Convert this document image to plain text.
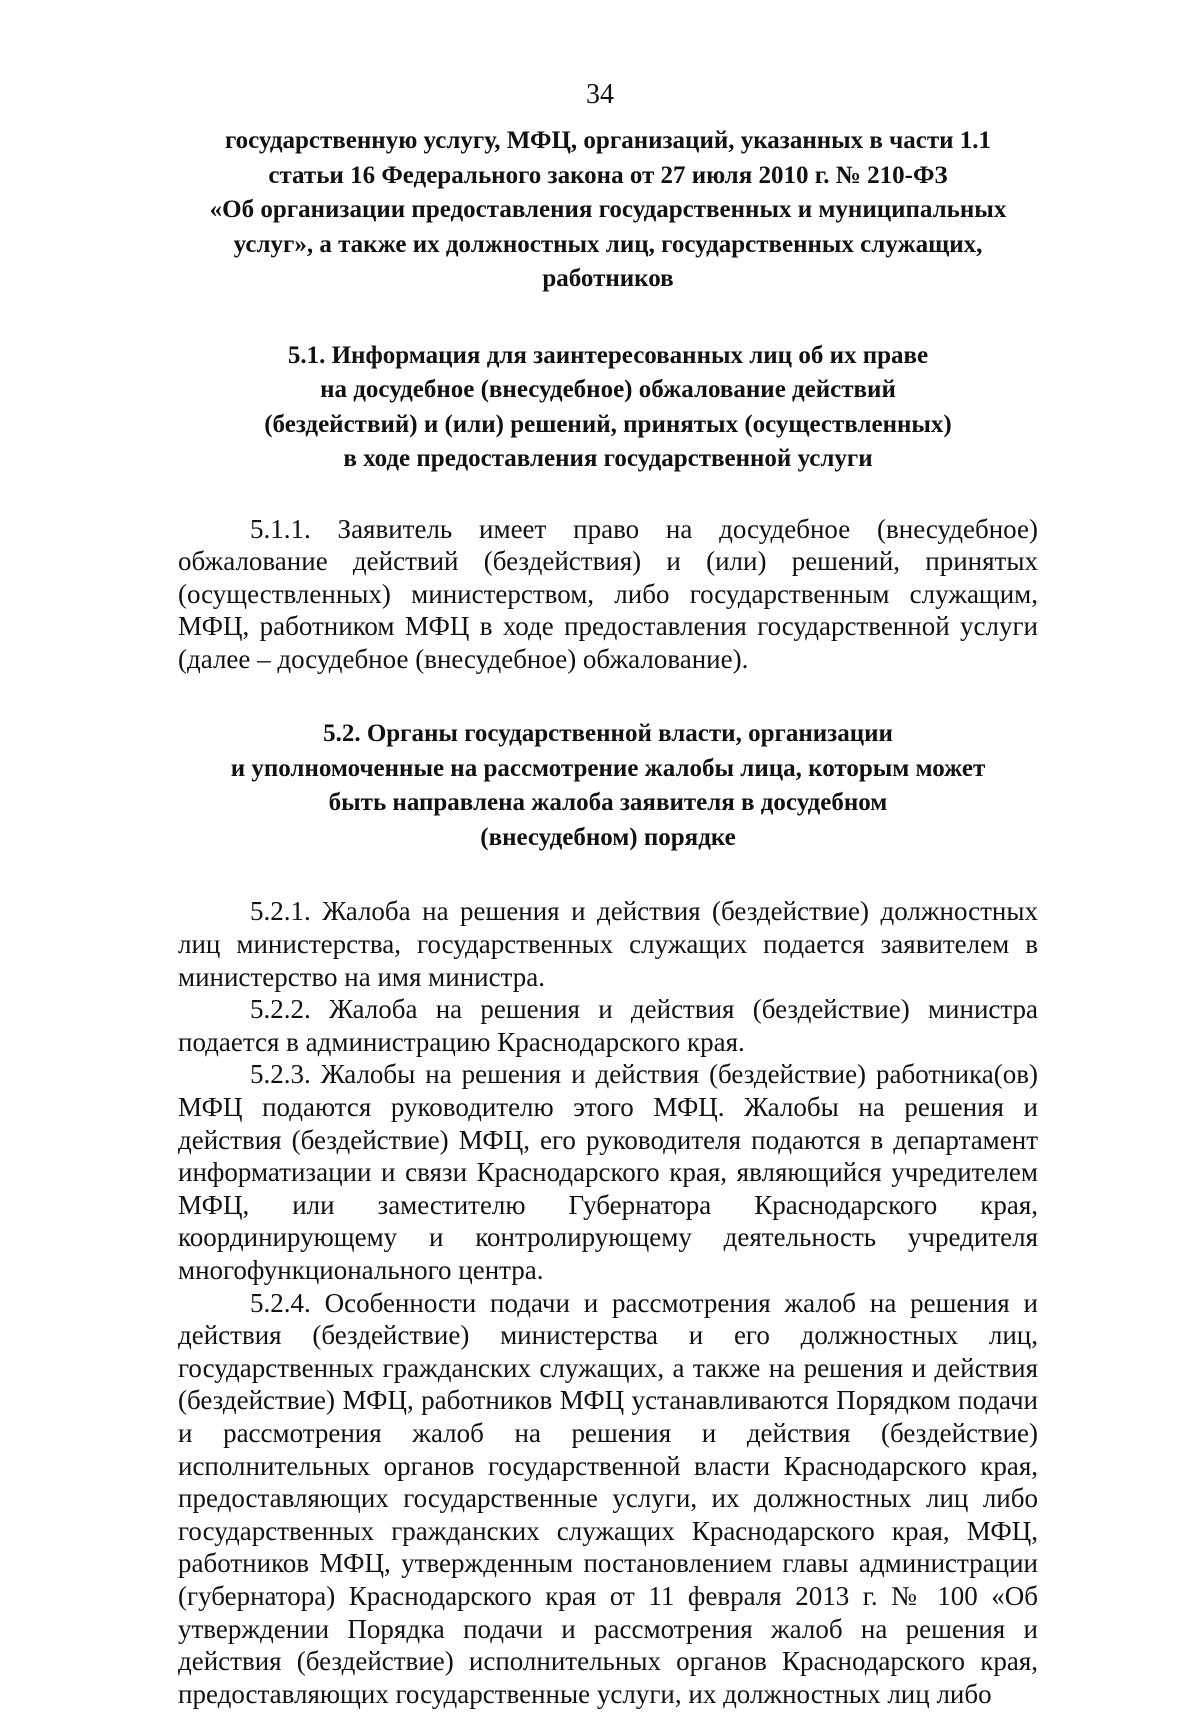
34
государственную услугу, МФЦ, организаций, указанных в части 1.1
статьи 16 Федерального закона от 27 июля 2010 г. № 210-ФЗ
«Об организации предоставления государственных и муниципальных
услуг», а также их должностных лиц, государственных служащих,
работников
5.1. Информация для заинтересованных лиц об их праве
на досудебное (внесудебное) обжалование действий
(бездействий) и (или) решений, принятых (осуществленных)
в ходе предоставления государственной услуги

5.1.1. Заявитель имеет право на досудебное (внесудебное) обжалование действий (бездействия) и (или) решений, принятых (осуществленных) министерством, либо государственным служащим, МФЦ, работником МФЦ в ходе предоставления государственной услуги (далее – досудебное (внесудебное) обжалование).

5.2. Органы государственной власти, организации
и уполномоченные на рассмотрение жалобы лица, которым может
быть направлена жалоба заявителя в досудебном
(внесудебном) порядке

5.2.1. Жалоба на решения и действия (бездействие) должностных лиц министерства, государственных служащих подается заявителем в министерство на имя министра.

5.2.2. Жалоба на решения и действия (бездействие) министра подается в администрацию Краснодарского края.

5.2.3. Жалобы на решения и действия (бездействие) работника(ов) МФЦ подаются руководителю этого МФЦ. Жалобы на решения и действия (бездействие) МФЦ, его руководителя подаются в департамент информатизации и связи Краснодарского края, являющийся учредителем МФЦ, или заместителю Губернатора Краснодарского края, координирующему и контролирующему деятельность учредителя многофункционального центра.

5.2.4. Особенности подачи и рассмотрения жалоб на решения и действия (бездействие) министерства и его должностных лиц, государственных гражданских служащих, а также на решения и действия (бездействие) МФЦ, работников МФЦ устанавливаются Порядком подачи и рассмотрения жалоб на решения и действия (бездействие) исполнительных органов государственной власти Краснодарского края, предоставляющих государственные услуги, их должностных лиц либо государственных гражданских служащих Краснодарского края, МФЦ, работников МФЦ, утвержденным постановлением главы администрации (губернатора) Краснодарского края от 11 февраля 2013 г. № 100 «Об утверждении Порядка подачи и рассмотрения жалоб на решения и действия (бездействие) исполнительных органов Краснодарского края, предоставляющих государственные услуги, их должностных лиц либо
